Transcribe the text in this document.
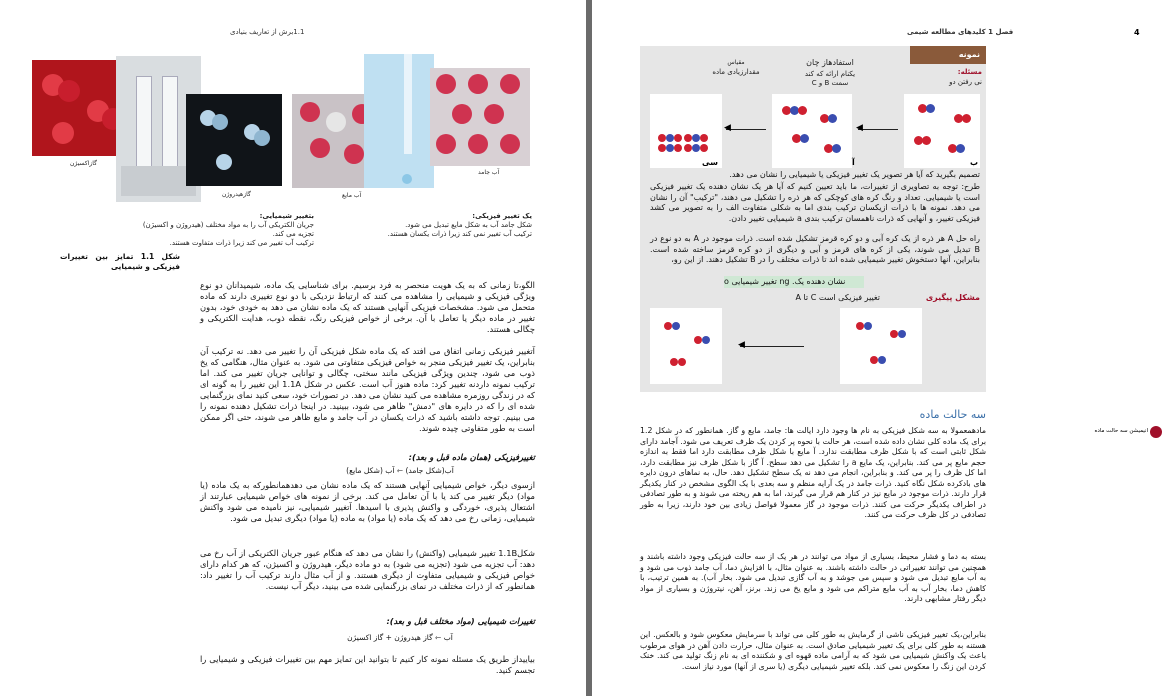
1.1برش از تعاریف بنیادی
گازاکسیژن
گازهیدروژن	آب مایع
آب جامد
یک تغییر فیزیکی:
شکل جامد آب به شکل مایع تبدیل می شود.
ترکیب آب تغییر نمی کند زیرا ذرات یکسان هستند.
بتغییر شیمیایی:
جریان الکتریکی آب را به مواد مختلف (هیدروژن و اکسیژن) تجزیه می کند.
ترکیب آب تغییر می کند زیرا ذرات متفاوت هستند.
شکل 1.1 تمایز بین تغییرات فیزیکی و شیمیایی
الگو،تا زمانی که به یک هویت منحصر به فرد برسیم. برای شناسایی یک ماده، شیمیدانان دو نوع ویژگی فیزیکی و شیمیایی را مشاهده می کنند که ارتباط نزدیکی با دو نوع تغییری دارند که ماده متحمل می شود. مشخصات فیزیکی آنهایی هستند که یک ماده نشان می دهد به خودی خود، بدون تغییر در ماده دیگر یا تعامل با آن. برخی از خواص فیزیکی رنگ، نقطه ذوب، هدایت الکتریکی و چگالی هستند.
آتغییر فیزیکی زمانی اتفاق می افتد که یک ماده شکل فیزیکی آن را تغییر می دهد. نه ترکیب آن بنابراین، یک تغییر فیزیکی منجر به خواص فیزیکی متفاوتی می شود. به عنوان مثال، هنگامی که یخ ذوب می شود، چندین ویژگی فیزیکی مانند سختی، چگالی و توانایی جریان تغییر می کند. اما ترکیب نمونه داردنه تغییر کرد: ماده هنوز آب است. عکس در شکل 1.1A این تغییر را به گونه ای که در زندگی روزمره مشاهده می کنید نشان می دهد. در تصورات خود، سعی کنید نمای بزرگنمایی شده ای را که در دایره های "دمش" ظاهر می شود، ببینید. در اینجا ذرات تشکیل دهنده نمونه را می بینیم. توجه داشته باشید که ذرات یکسان در آب جامد و مایع ظاهر می شوند، حتی اگر ممکن است به طور متفاوتی چیده شوند.
تغییرفیزیکی (همان ماده قبل و بعد):
آب(شکل جامد) ⇽ آب (شکل مایع)
ازسوی دیگر، خواص شیمیایی آنهایی هستند که یک ماده نشان می دهدهمانطورکه به یک ماده (یا مواد) دیگر تغییر می کند یا با آن تعامل می کند. برخی از نمونه های خواص شیمیایی عبارتند از اشتعال پذیری، خوردگی و واکنش پذیری با اسیدها. آتغییر شیمیایی، نیز نامیده می شود واکنش شیمیایی، زمانی رخ می دهد که یک ماده (یا مواد) به ماده (یا مواد) دیگری تبدیل می شود.
شکل1.1B تغییر شیمیایی (واکنش) را نشان می دهد که هنگام عبور جریان الکتریکی از آب رخ می دهد: آب تجزیه می شود (تجزیه می شود) به دو ماده دیگر، هیدروژن و اکسیژن، که هر کدام دارای خواص فیزیکی و شیمیایی متفاوت از دیگری هستند. و از آب مثال دارند ترکیب آب را تغییر داد: همانطور که از ذرات مختلف در نمای بزرگنمایی شده می بینید، دیگر آب نیست.
تغییرات شیمیایی (مواد مختلف قبل و بعد):
آب ⇽ گاز هیدروژن + گاز اکسیژن
بیاییداز طریق یک مسئله نمونه کار کنیم تا بتوانید این تمایز مهم بین تغییرات فیزیکی و شیمیایی را تجسم کنید.
4
فصل 1 کلیدهای مطالعه شیمی
نمونه
مسئله:
نی رفتن دو
استفادهاز چان
یکنام ارائه که کند
سمت B و C
مقیاس
مقدارزیادی ماده
سی
◀
آ
◀
ب
تصمیم بگیرید که آیا هر تصویر یک تغییر فیزیکی یا شیمیایی را نشان می دهد.
طرح: توجه به تصاویری از تغییرات، ما باید تعیین کنیم که آیا هر یک نشان دهنده یک تغییر فیزیکی است یا شیمیایی. تعداد و رنگ کره های کوچکی که هر ذره را تشکیل می دهند، "ترکیب" آن را نشان می دهد. نمونه ها با ذرات ازیکسان ترکیب بندی اما به شکلی متفاوت الف را به تصویر می کشد فیزیکی تغییر، و آنهایی که ذرات ناهمسان ترکیب بندی a شیمیایی تغییر دادن.
راه حل A هر ذره از یک کره آبی و دو کره قرمز تشکیل شده است. ذرات موجود در A به دو نوع در B تبدیل می شوند، یکی از کره های قرمز و آبی و دیگری از دو کره قرمز ساخته شده است. بنابراین، آنها دستخوش تغییر شیمیایی شده اند تا ذرات مختلف را در B تشکیل دهند. از این رو،
o تغییر شیمیایی ng .نشان دهنده یک
تغییر فیزیکی است C تا A	مشکل پیگیری
◀
سه حالت ماده
مادهمعمولا به سه شکل فیزیکی به نام ها وجود دارد ایالت ها: جامد، مایع و گاز. همانطور که در شکل 1.2 برای یک ماده کلی نشان داده شده است، هر حالت با نحوه پر کردن یک ظرف تعریف می شود. آجامد دارای شکل ثابتی است که با شکل ظرف مطابقت ندارد. آ مایع با شکل ظرف مطابقت دارد اما فقط به اندازه حجم مایع پر می کند. بنابراین، یک مایع a را تشکیل می دهد سطح. آ گاز با شکل ظرف نیز مطابقت دارد، اما کل ظرف را پر می کند. و بنابراین، انجام می دهد نه یک سطح تشکیل دهد. حال، به نماهای درون دایره های بادکرده شکل نگاه کنید. ذرات جامد در یک آرایه منظم و سه بعدی با یک الگوی مشخص در کنار یکدیگر قرار دارند. ذرات موجود در مایع نیز در کنار هم قرار می گیرند، اما به هم ریخته می شوند و به طور تصادفی در اطراف یکدیگر حرکت می کنند. ذرات موجود در گاز معمولا فواصل زیادی بین خود دارند، زیرا به طور تصادفی در کل ظرف حرکت می کنند.
بسته به دما و فشار محیط، بسیاری از مواد می توانند در هر یک از سه حالت فیزیکی وجود داشته باشند و همچنین می توانند تغییراتی در حالت داشته باشند. به عنوان مثال، با افزایش دما، آب جامد ذوب می شود و به آب مایع تبدیل می شود و سپس می جوشد و به آب گازی تبدیل می شود. بخار آب). به همین ترتیب، با کاهش دما، بخار آب به آب مایع متراکم می شود و مایع یخ می زند. برنز، آهن، نیتروژن و بسیاری از مواد دیگر رفتار مشابهی دارند.
بنابراین،یک تغییر فیزیکی ناشی از گرمایش به طور کلی می تواند با سرمایش معکوس شود و بالعکس. این هستنه به طور کلی برای یک تغییر شیمیایی صادق است. به عنوان مثال، حرارت دادن آهن در هوای مرطوب باعث یک واکنش شیمیایی می شود که به آرامی ماده قهوه ای و شکننده ای به نام زنگ تولید می کند. خنک کردن این زنگ را معکوس نمی کند. بلکه تغییر شیمیایی دیگری (یا سری از آنها) مورد نیاز است.
انیمیشن سه حالت ماده
